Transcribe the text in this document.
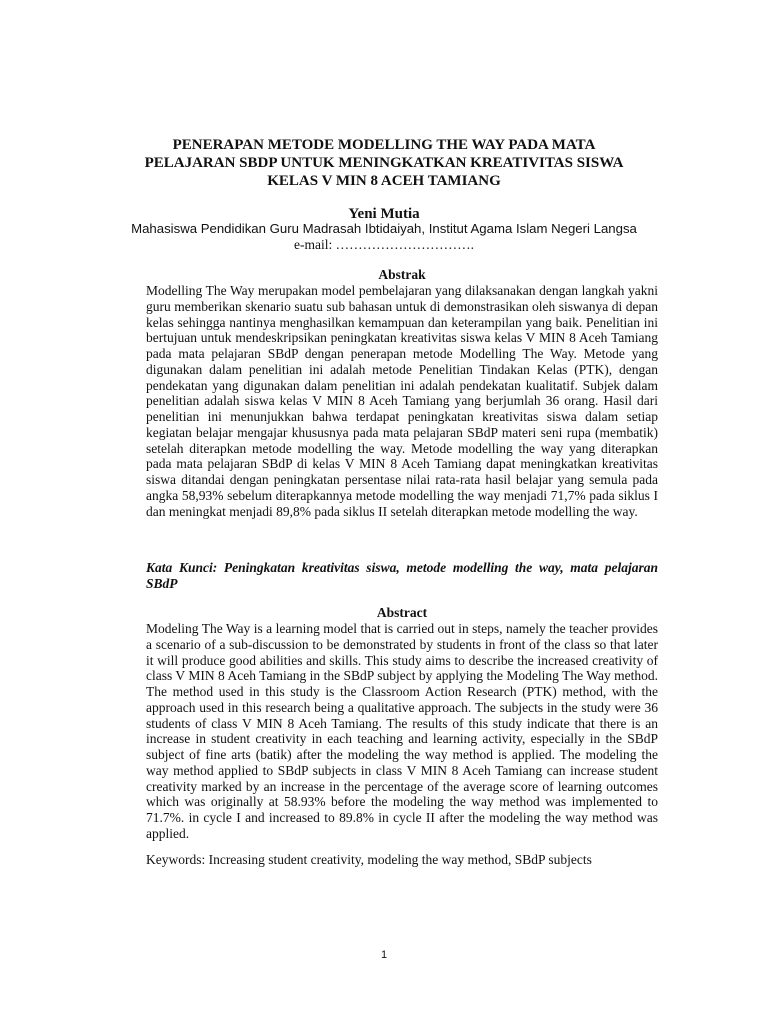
PENERAPAN METODE MODELLING THE WAY PADA MATA PELAJARAN SBDP UNTUK MENINGKATKAN KREATIVITAS SISWA KELAS V MIN 8 ACEH TAMIANG
Yeni Mutia
Mahasiswa Pendidikan Guru Madrasah Ibtidaiyah, Institut Agama Islam Negeri Langsa
e-mail: ………………………….
Abstrak

Modelling The Way merupakan model pembelajaran yang dilaksanakan dengan langkah yakni guru memberikan skenario suatu sub bahasan untuk di demonstrasikan oleh siswanya di depan kelas sehingga nantinya menghasilkan kemampuan dan keterampilan yang baik. Penelitian ini bertujuan untuk mendeskripsikan peningkatan kreativitas siswa kelas V MIN 8 Aceh Tamiang pada mata pelajaran SBdP dengan penerapan metode Modelling The Way. Metode yang digunakan dalam penelitian ini adalah metode Penelitian Tindakan Kelas (PTK), dengan pendekatan yang digunakan dalam penelitian ini adalah pendekatan kualitatif. Subjek dalam penelitian adalah siswa kelas V MIN 8 Aceh Tamiang yang berjumlah 36 orang. Hasil dari penelitian ini menunjukkan bahwa terdapat peningkatan kreativitas siswa dalam setiap kegiatan belajar mengajar khususnya pada mata pelajaran SBdP materi seni rupa (membatik) setelah diterapkan metode modelling the way. Metode modelling the way yang diterapkan pada mata pelajaran SBdP di kelas V MIN 8 Aceh Tamiang dapat meningkatkan kreativitas siswa ditandai dengan peningkatan persentase nilai rata-rata hasil belajar yang semula pada angka 58,93% sebelum diterapkannya metode modelling the way menjadi 71,7% pada siklus I dan meningkat menjadi 89,8% pada siklus II setelah diterapkan metode modelling the way.

Kata Kunci: Peningkatan kreativitas siswa, metode modelling the way, mata pelajaran SBdP

Abstract

Modeling The Way is a learning model that is carried out in steps, namely the teacher provides a scenario of a sub-discussion to be demonstrated by students in front of the class so that later it will produce good abilities and skills. This study aims to describe the increased creativity of class V MIN 8 Aceh Tamiang in the SBdP subject by applying the Modeling The Way method. The method used in this study is the Classroom Action Research (PTK) method, with the approach used in this research being a qualitative approach. The subjects in the study were 36 students of class V MIN 8 Aceh Tamiang. The results of this study indicate that there is an increase in student creativity in each teaching and learning activity, especially in the SBdP subject of fine arts (batik) after the modeling the way method is applied. The modeling the way method applied to SBdP subjects in class V MIN 8 Aceh Tamiang can increase student creativity marked by an increase in the percentage of the average score of learning outcomes which was originally at 58.93% before the modeling the way method was implemented to 71.7%. in cycle I and increased to 89.8% in cycle II after the modeling the way method was applied.

Keywords: Increasing student creativity, modeling the way method, SBdP subjects

1
